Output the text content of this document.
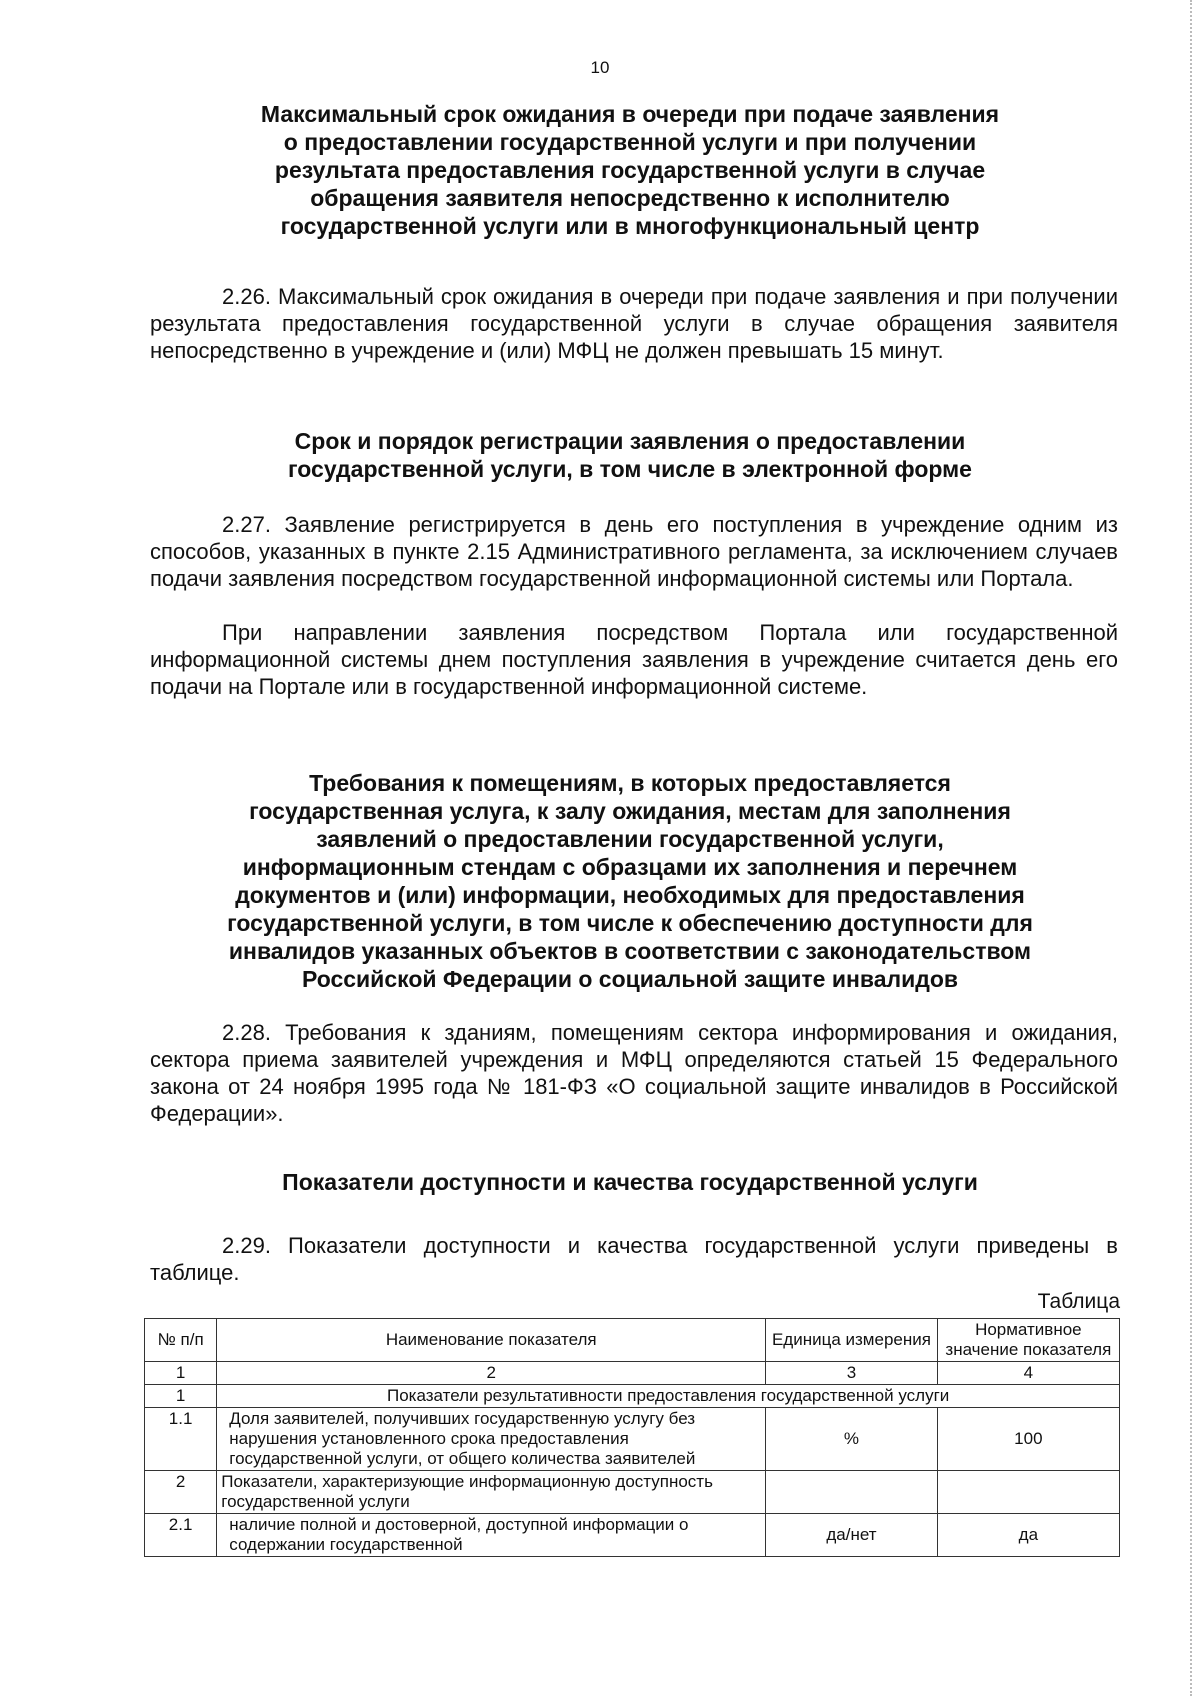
10
Максимальный срок ожидания в очереди при подаче заявления
о предоставлении государственной услуги и при получении
результата предоставления государственной услуги в случае
обращения заявителя непосредственно к исполнителю
государственной услуги или в многофункциональный центр

2.26. Максимальный срок ожидания в очереди при подаче заявления и при получении результата предоставления государственной услуги в случае обращения заявителя непосредственно в учреждение и (или) МФЦ не должен превышать 15 минут.

Срок и порядок регистрации заявления о предоставлении
государственной услуги, в том числе в электронной форме

2.27. Заявление регистрируется в день его поступления в учреждение одним из способов, указанных в пункте 2.15 Административного регламента, за исключением случаев подачи заявления посредством государственной информационной системы или Портала.

При направлении заявления посредством Портала или государственной информационной системы днем поступления заявления в учреждение считается день его подачи на Портале или в государственной информационной системе.

Требования к помещениям, в которых предоставляется
государственная услуга, к залу ожидания, местам для заполнения
заявлений о предоставлении государственной услуги,
информационным стендам с образцами их заполнения и перечнем
документов и (или) информации, необходимых для предоставления
государственной услуги, в том числе к обеспечению доступности для
инвалидов указанных объектов в соответствии с законодательством
Российской Федерации о социальной защите инвалидов

2.28. Требования к зданиям, помещениям сектора информирования и ожидания, сектора приема заявителей учреждения и МФЦ определяются статьей 15 Федерального закона от 24 ноября 1995 года № 181-ФЗ «О социальной защите инвалидов в Российской Федерации».

Показатели доступности и качества государственной услуги

2.29. Показатели доступности и качества государственной услуги приведены в таблице.

Таблица
№ п/п	Наименование показателя	Единица измерения	Нормативное значение показателя
1	2	3	4
1	Показатели результативности предоставления государственной услуги		
1.1	Доля заявителей, получивших государственную услугу без нарушения установленного срока предоставления государственной услуги, от общего количества заявителей	%	100
2	Показатели, характеризующие информационную доступность государственной услуги		
2.1	наличие полной и достоверной, доступной информации о содержании государственной	да/нет	да
